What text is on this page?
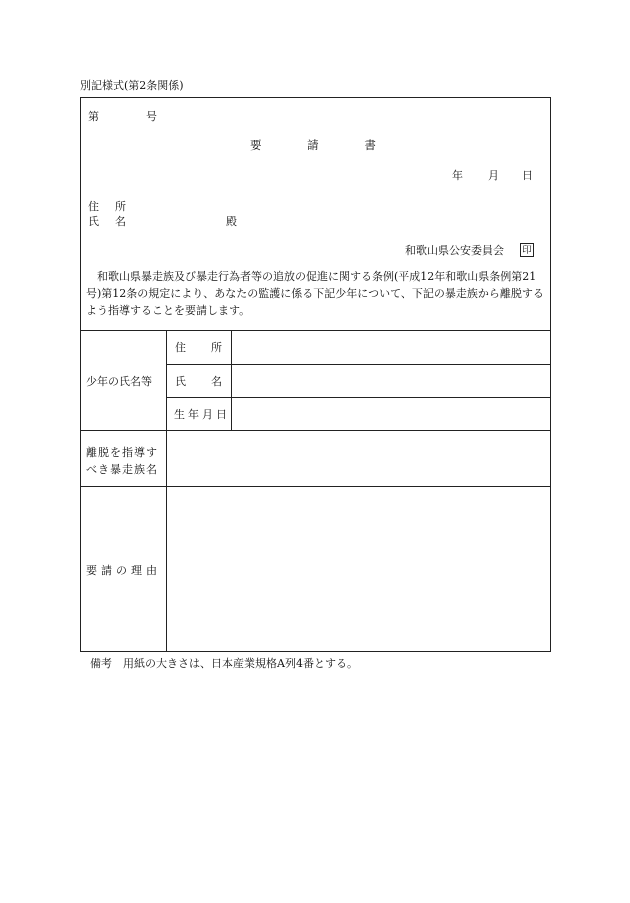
別記様式(第2条関係)
第	号
要	請	書
年 月 日
住 所
氏 名	殿
和歌山県公安委員会 印
和歌山県暴走族及び暴走行為者等の追放の促進に関する条例(平成12年和歌山県条例第21号)第12条の規定により、あなたの監護に係る下記少年について、下記の暴走族から離脱するよう指導することを要請します。
少年の氏名等
住 所
氏 名
生年月日
離脱を指導すべき暴走族名
要請の理由
備考　用紙の大きさは、日本産業規格A列4番とする。
